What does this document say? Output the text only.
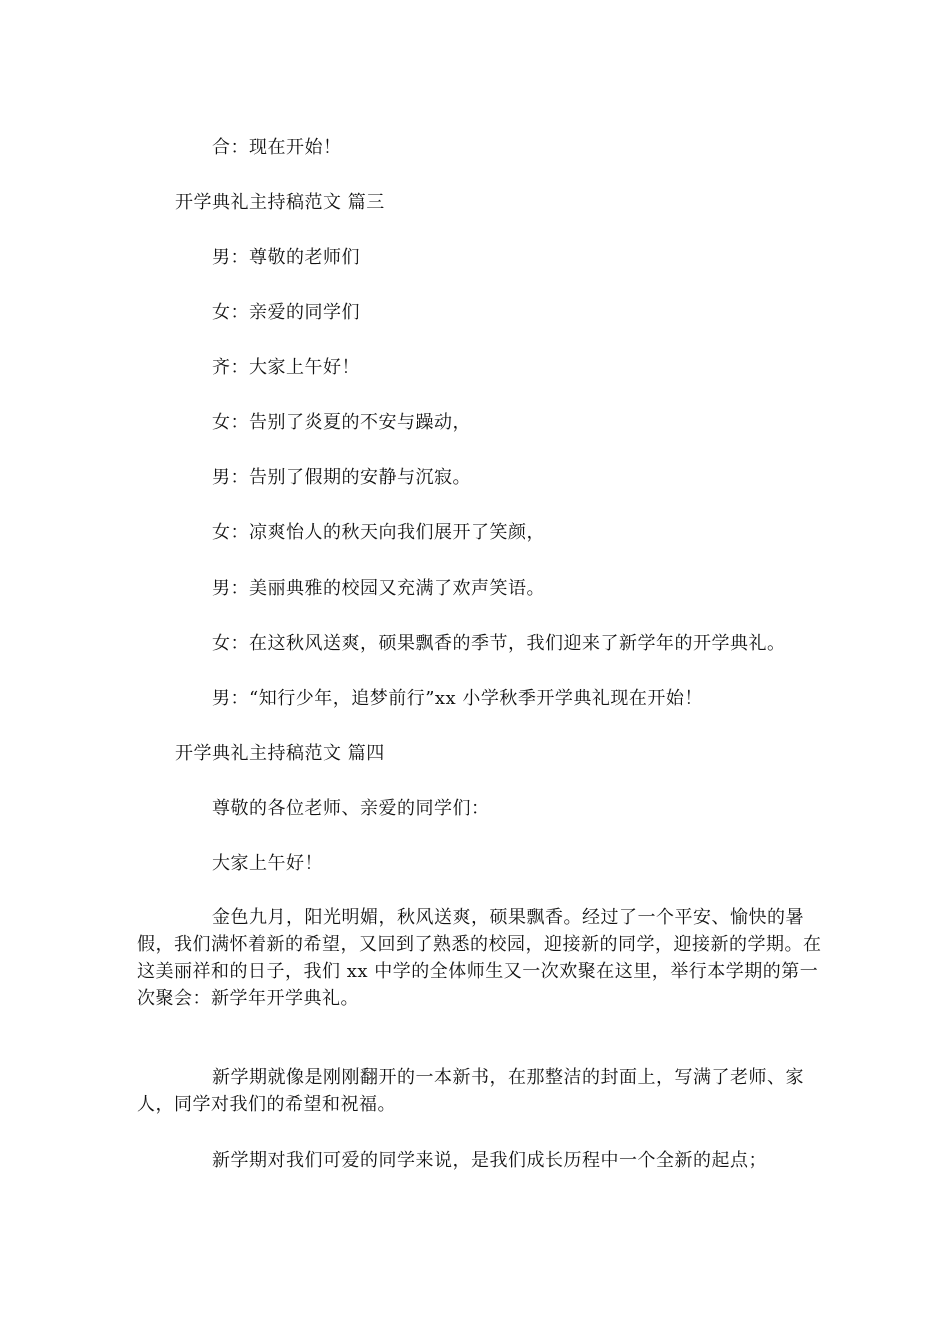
合：现在开始！
开学典礼主持稿范文 篇三
男：尊敬的老师们
女：亲爱的同学们
齐：大家上午好！
女：告别了炎夏的不安与躁动，
男：告别了假期的安静与沉寂。
女：凉爽怡人的秋天向我们展开了笑颜，
男：美丽典雅的校园又充满了欢声笑语。
女：在这秋风送爽，硕果飘香的季节，我们迎来了新学年的开学典礼。
男：“知行少年，追梦前行”xx 小学秋季开学典礼现在开始！
开学典礼主持稿范文 篇四
尊敬的各位老师、亲爱的同学们：
大家上午好！
金色九月，阳光明媚，秋风送爽，硕果飘香。经过了一个平安、愉快的暑假，我们满怀着新的希望，又回到了熟悉的校园，迎接新的同学，迎接新的学期。在这美丽祥和的日子，我们 xx 中学的全体师生又一次欢聚在这里，举行本学期的第一次聚会：新学年开学典礼。
新学期就像是刚刚翻开的一本新书，在那整洁的封面上，写满了老师、家人，同学对我们的希望和祝福。
新学期对我们可爱的同学来说，是我们成长历程中一个全新的起点；
